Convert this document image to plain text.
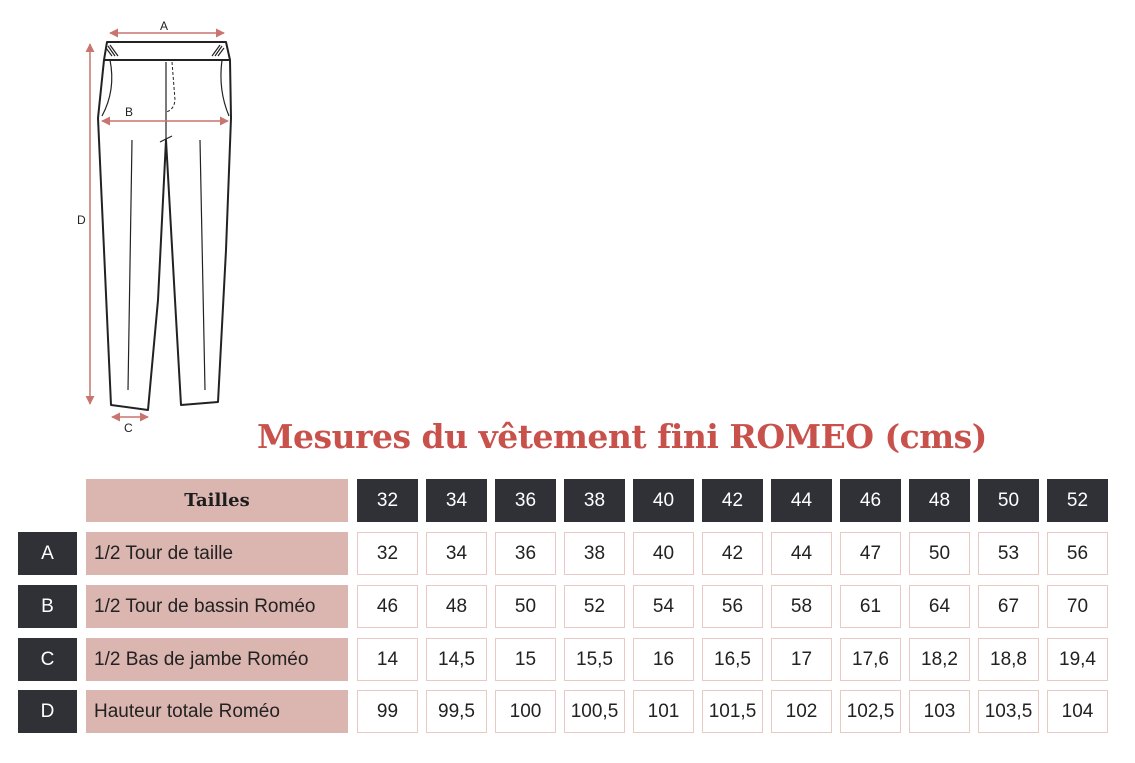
A
B
C
D
Mesures du vêtement fini ROMEO (cms)
Tailles	32	34	36	38	40	42	44	46	48	50	52
A	1/2 Tour de taille	32	34	36	38	40	42	44	47	50	53	56
B	1/2 Tour de bassin Roméo	46	48	50	52	54	56	58	61	64	67	70
C	1/2 Bas de jambe Roméo	14	14,5	15	15,5	16	16,5	17	17,6	18,2	18,8	19,4
D	Hauteur totale Roméo	99	99,5	100	100,5	101	101,5	102	102,5	103	103,5	104
